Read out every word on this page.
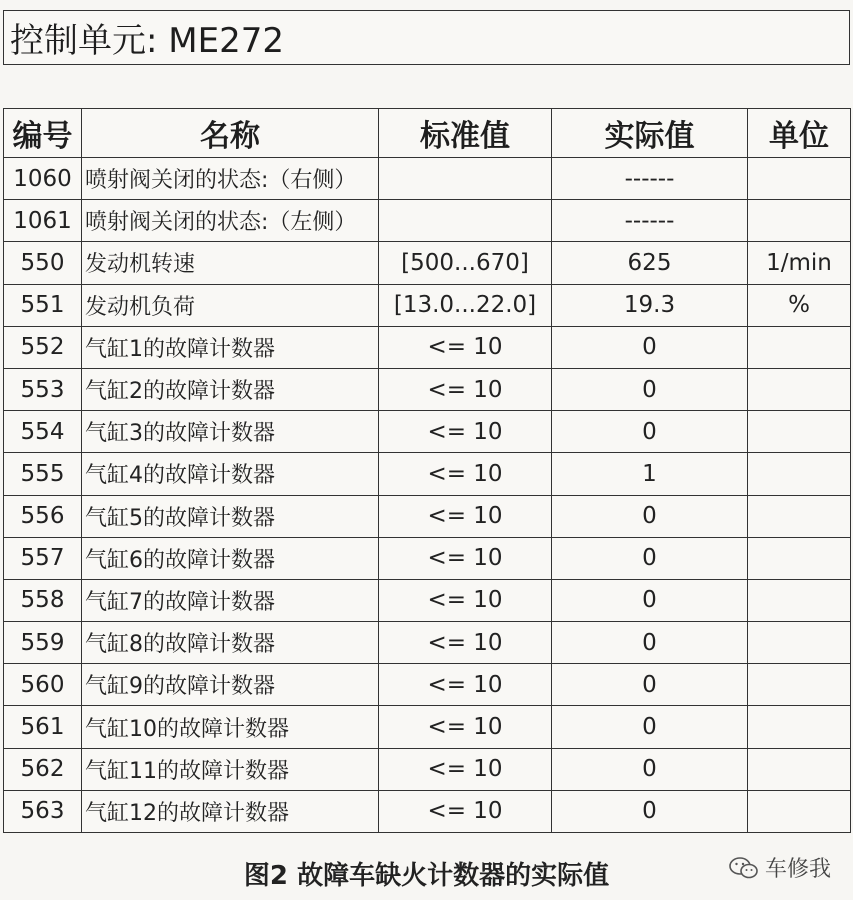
控制单元: ME272
编号	名称	标准值	实际值	单位
1060	喷射阀关闭的状态:（右侧）		------	
1061	喷射阀关闭的状态:（左侧）		------	
550	发动机转速	[500...670]	625	1/min
551	发动机负荷	[13.0...22.0]	19.3	%
552	气缸1的故障计数器	<= 10	0	
553	气缸2的故障计数器	<= 10	0	
554	气缸3的故障计数器	<= 10	0	
555	气缸4的故障计数器	<= 10	1	
556	气缸5的故障计数器	<= 10	0	
557	气缸6的故障计数器	<= 10	0	
558	气缸7的故障计数器	<= 10	0	
559	气缸8的故障计数器	<= 10	0	
560	气缸9的故障计数器	<= 10	0	
561	气缸10的故障计数器	<= 10	0	
562	气缸11的故障计数器	<= 10	0	
563	气缸12的故障计数器	<= 10	0	
图2 故障车缺火计数器的实际值	车修我
